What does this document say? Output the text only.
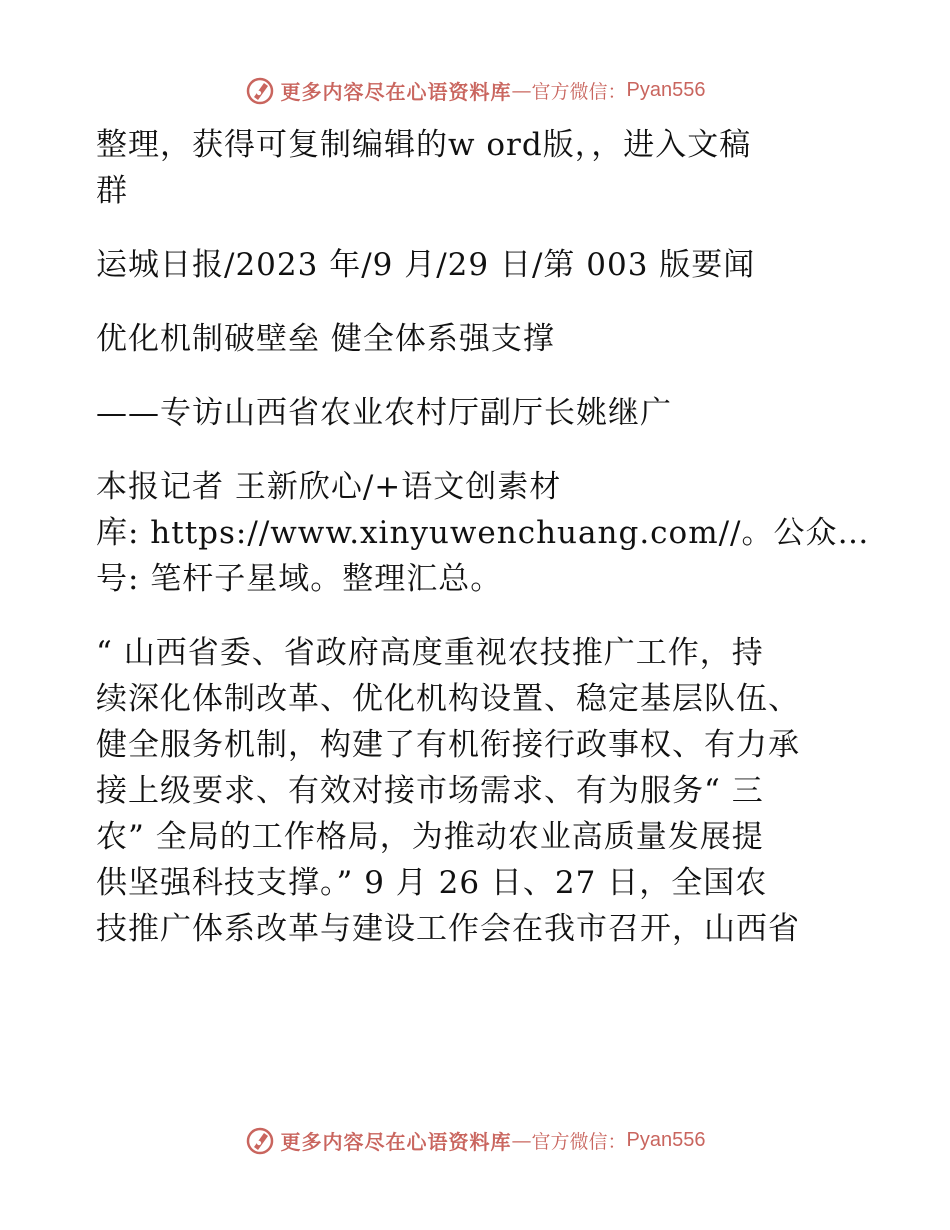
更多内容尽在心语资料库 — 官方微信： Pyan556

整理，获得可复制编辑的w ord版，，进入文稿

群

运城日报/2023 年/9 月/29 日/第 003 版要闻

优化机制破壁垒 健全体系强支撑

——专访山西省农业农村厅副厅长姚继广

本报记者 王新欣心/+语文创素材

库: https://www.xinyuwenchuang.com//。公众…

号: 笔杆子星域。整理汇总。

“ 山西省委、省政府高度重视农技推广工作，持

续深化体制改革、优化机构设置、稳定基层队伍、

健全服务机制，构建了有机衔接行政事权、有力承

接上级要求、有效对接市场需求、有为服务“ 三

农” 全局的工作格局，为推动农业高质量发展提

供坚强科技支撑。” 9 月 26 日、27 日，全国农

技推广体系改革与建设工作会在我市召开，山西省

更多内容尽在心语资料库 — 官方微信： Pyan556
